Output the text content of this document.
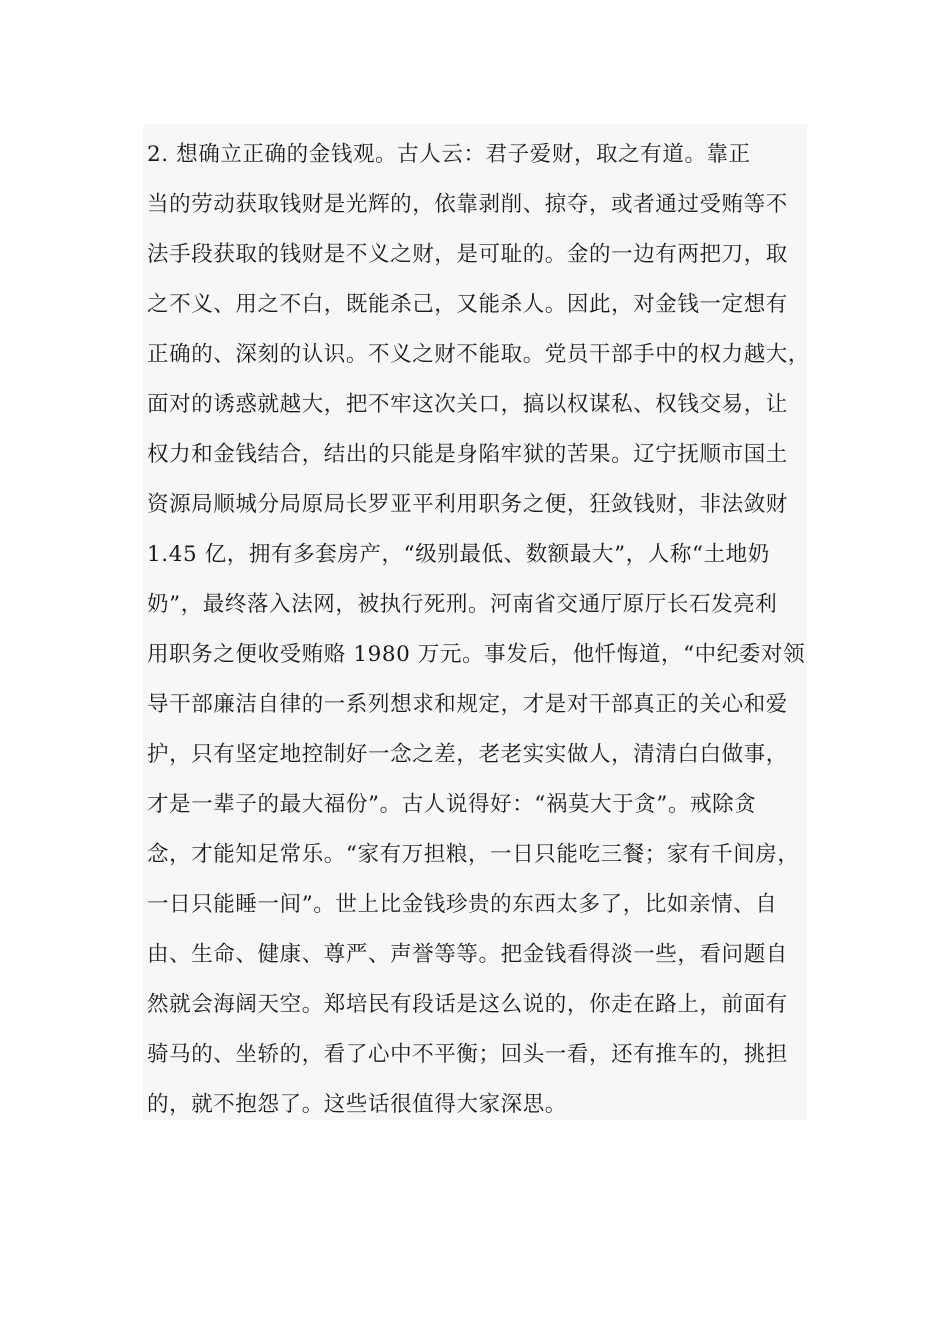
2. 想确立正确的金钱观。古人云：君子爱财，取之有道。靠正
当的劳动获取钱财是光辉的，依靠剥削、掠夺，或者通过受贿等不
法手段获取的钱财是不义之财，是可耻的。金的一边有两把刀，取
之不义、用之不白，既能杀己，又能杀人。因此，对金钱一定想有
正确的、深刻的认识。不义之财不能取。党员干部手中的权力越大，
面对的诱惑就越大，把不牢这次关口，搞以权谋私、权钱交易，让
权力和金钱结合，结出的只能是身陷牢狱的苦果。辽宁抚顺市国土
资源局顺城分局原局长罗亚平利用职务之便，狂敛钱财，非法敛财
1.45 亿，拥有多套房产，“级别最低、数额最大”，人称“土地奶
奶”，最终落入法网，被执行死刑。河南省交通厅原厅长石发亮利
用职务之便收受贿赂 1980 万元。事发后，他忏悔道，“中纪委对领
导干部廉洁自律的一系列想求和规定，才是对干部真正的关心和爱
护，只有坚定地控制好一念之差，老老实实做人，清清白白做事，
才是一辈子的最大福份”。古人说得好：“祸莫大于贪”。戒除贪
念，才能知足常乐。“家有万担粮，一日只能吃三餐；家有千间房，
一日只能睡一间”。世上比金钱珍贵的东西太多了，比如亲情、自
由、生命、健康、尊严、声誉等等。把金钱看得淡一些，看问题自
然就会海阔天空。郑培民有段话是这么说的，你走在路上，前面有
骑马的、坐轿的，看了心中不平衡；回头一看，还有推车的，挑担
的，就不抱怨了。这些话很值得大家深思。
